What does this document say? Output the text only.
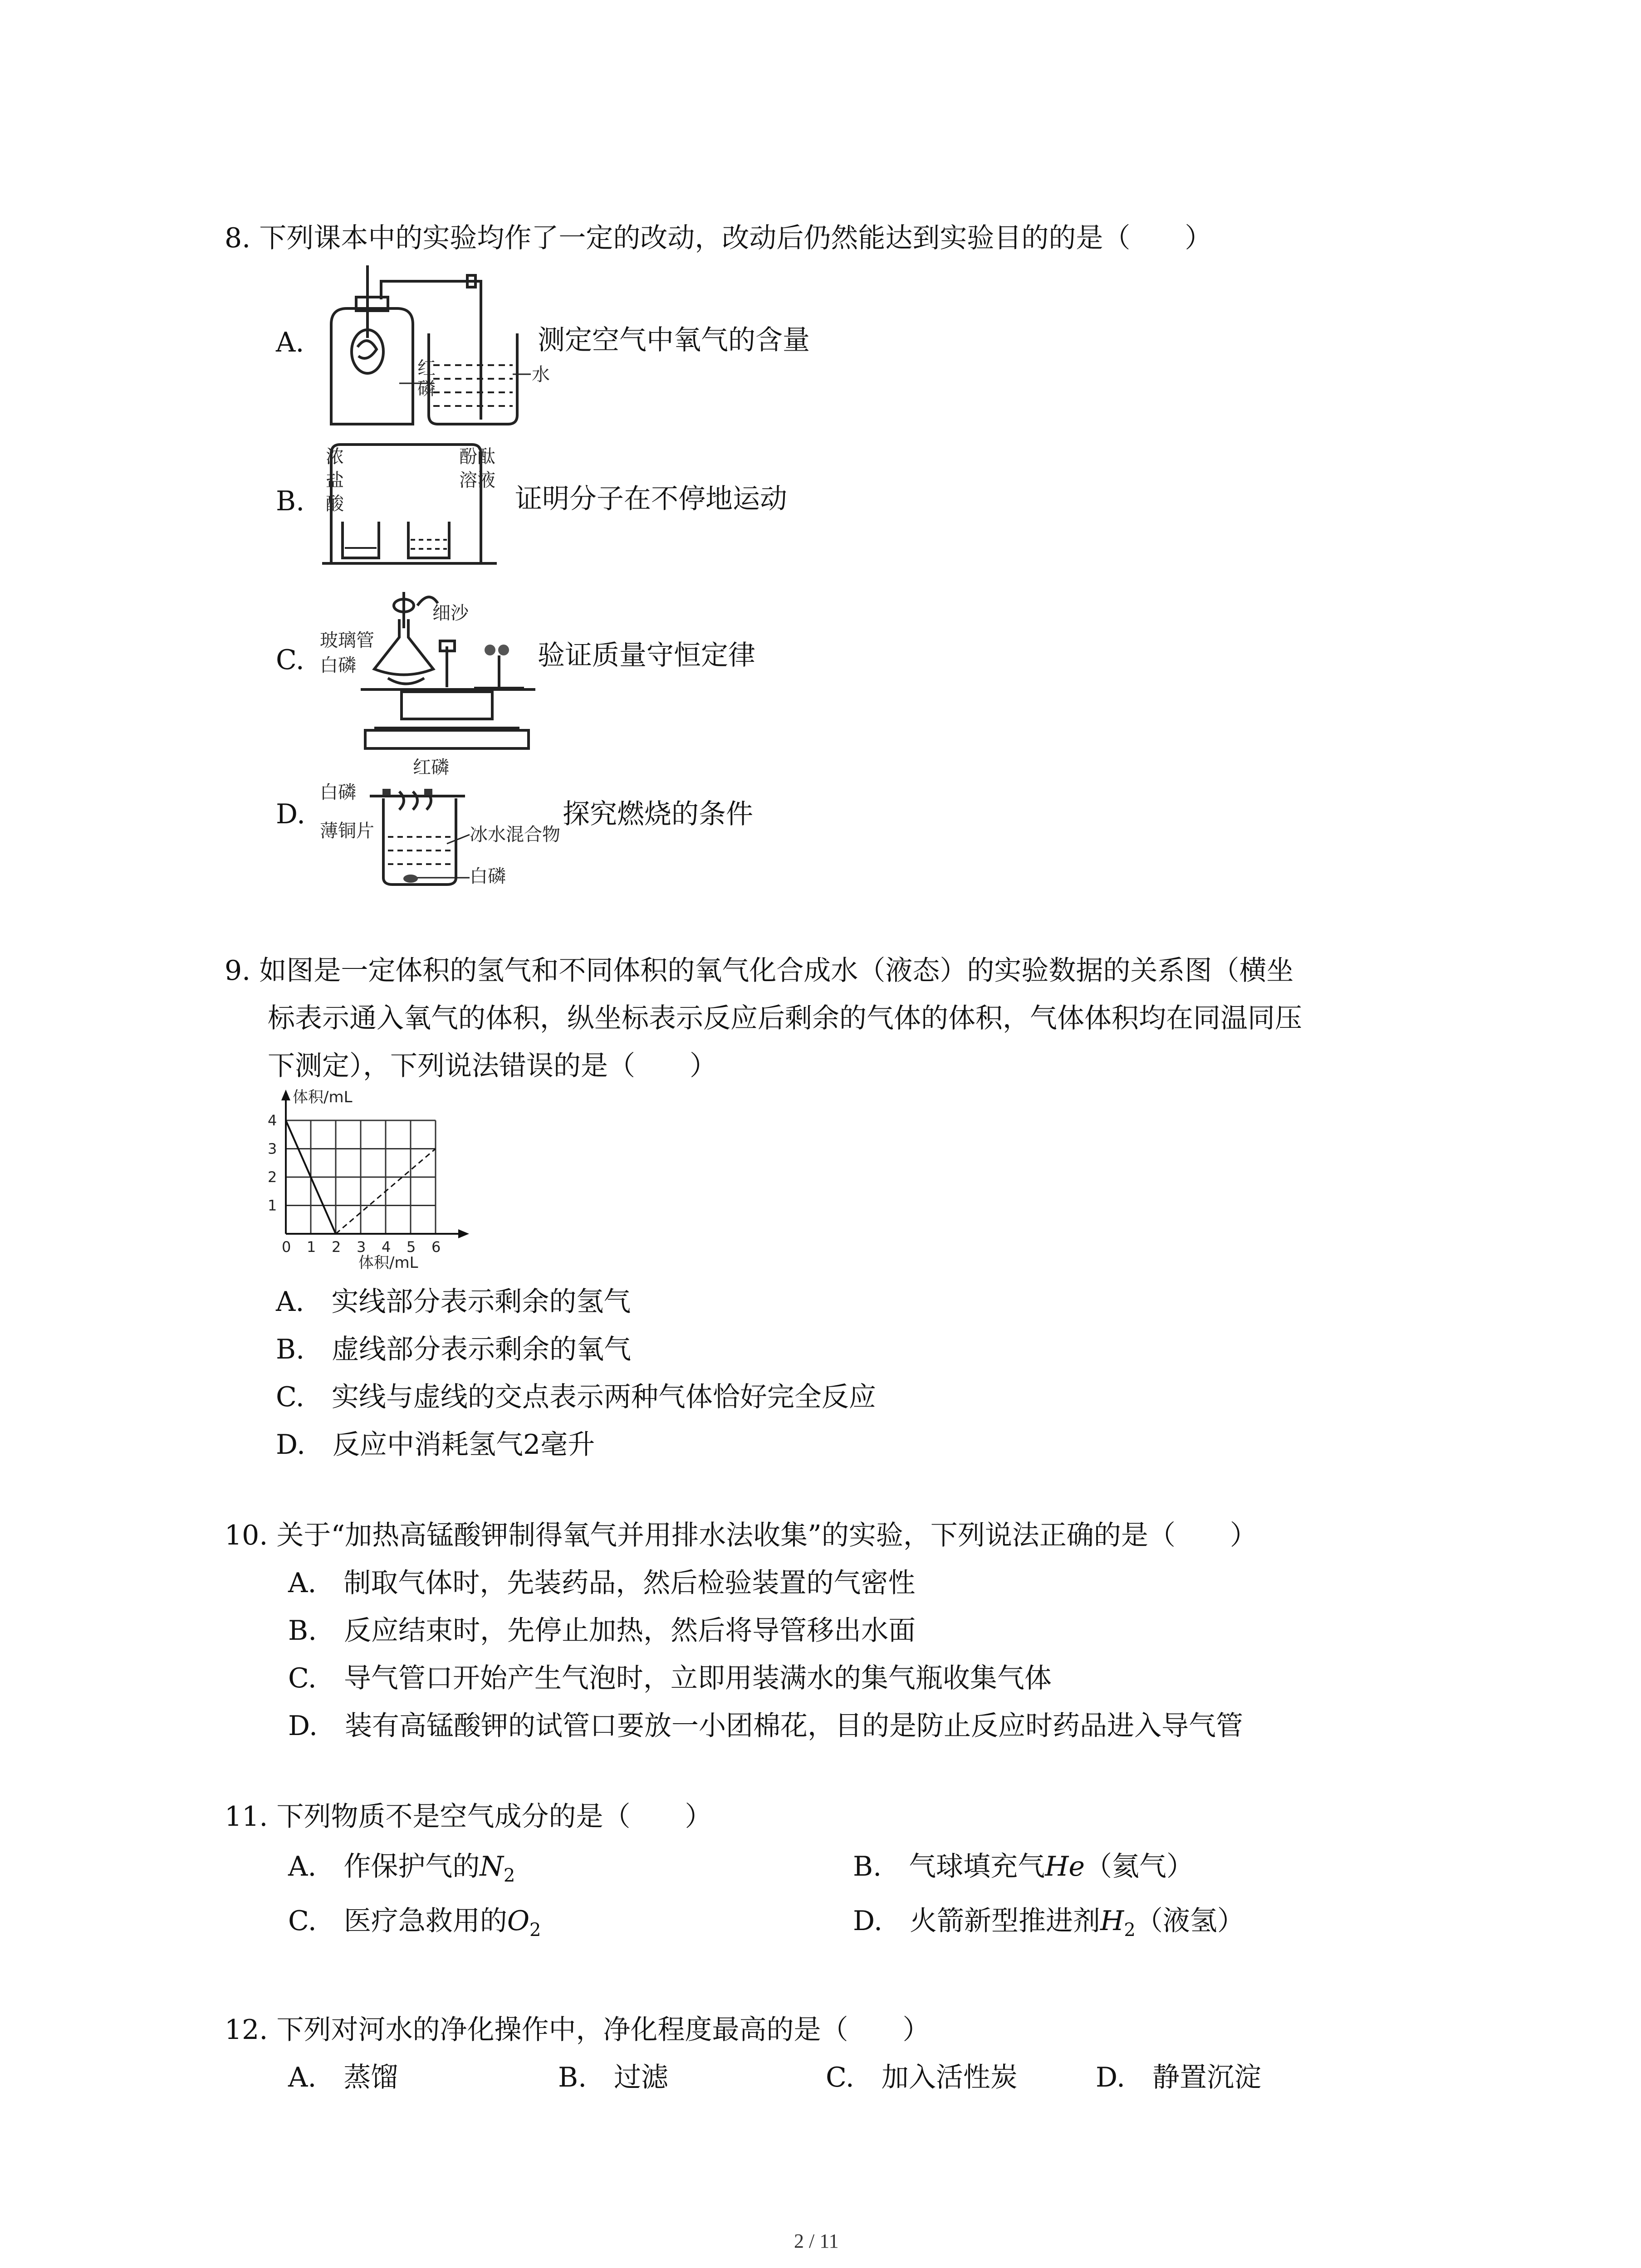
8. 下列课本中的实验均作了一定的改动，改动后仍然能达到实验目的的是（　　）
A.
红
磷
水
测定空气中氧气的含量
B.
浓
盐
酸
酚酞
溶液
证明分子在不停地运动
C.
细沙
玻璃管
白磷	验证质量守恒定律
D.
红磷
白磷
薄铜片	冰水混合物
白磷
探究燃烧的条件
9. 如图是一定体积的氢气和不同体积的氧气化合成水（液态）的实验数据的关系图（横坐
标表示通入氧气的体积，纵坐标表示反应后剩余的气体的体积，气体体积均在同温同压
下测定），下列说法错误的是（　　）
0 1 2 3 4 5 6
1
2
3
4
体积/mL
体积/mL
A.　 实线部分表示剩余的氢气
B.　 虚线部分表示剩余的氧气
C.　 实线与虚线的交点表示两种气体恰好完全反应
D.　 反应中消耗氢气2毫升
10. 关于“加热高锰酸钾制得氧气并用排水法收集”的实验，下列说法正确的是（　　）
A.　 制取气体时，先装药品，然后检验装置的气密性
B.　 反应结束时，先停止加热，然后将导管移出水面
C.　 导气管口开始产生气泡时，立即用装满水的集气瓶收集气体
D.　 装有高锰酸钾的试管口要放一小团棉花，目的是防止反应时药品进入导气管
11. 下列物质不是空气成分的是（　　）
A.　 作保护气的$N_2$	B.　 气球填充气He（氦气）
C.　 医疗急救用的$O_2$	D.　 火箭新型推进剂$H_2$（液氢）
12. 下列对河水的净化操作中，净化程度最高的是（　　）
A.　 蒸馏	B.　 过滤	C.　 加入活性炭	D.　 静置沉淀
2 / 11
